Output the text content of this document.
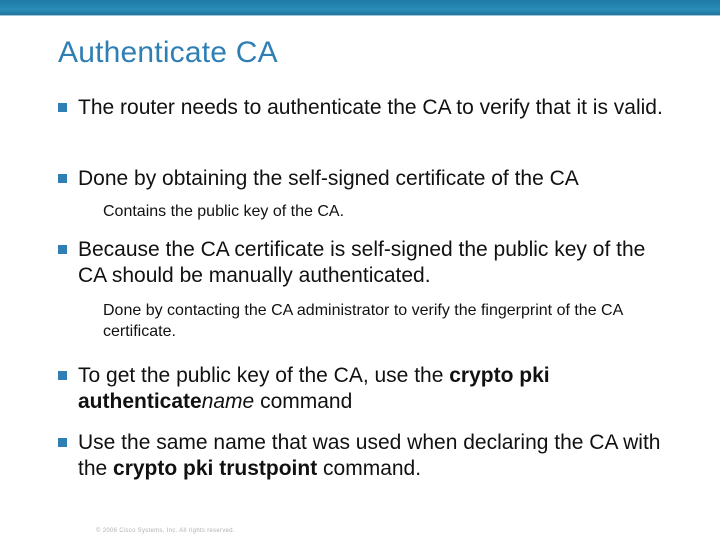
Authenticate CA
The router needs to authenticate the CA to verify that it is valid.
Done by obtaining the self-signed certificate of the CA
Contains the public key of the CA.
Because the CA certificate is self-signed the public key of the CA should be manually authenticated.
Done by contacting the CA administrator to verify the fingerprint of the CA certificate.
To get the public key of the CA, use the crypto pki authenticatename command
Use the same name that was used when declaring the CA with the crypto pki trustpoint command.
© 2006 Cisco Systems, Inc. All rights reserved.
